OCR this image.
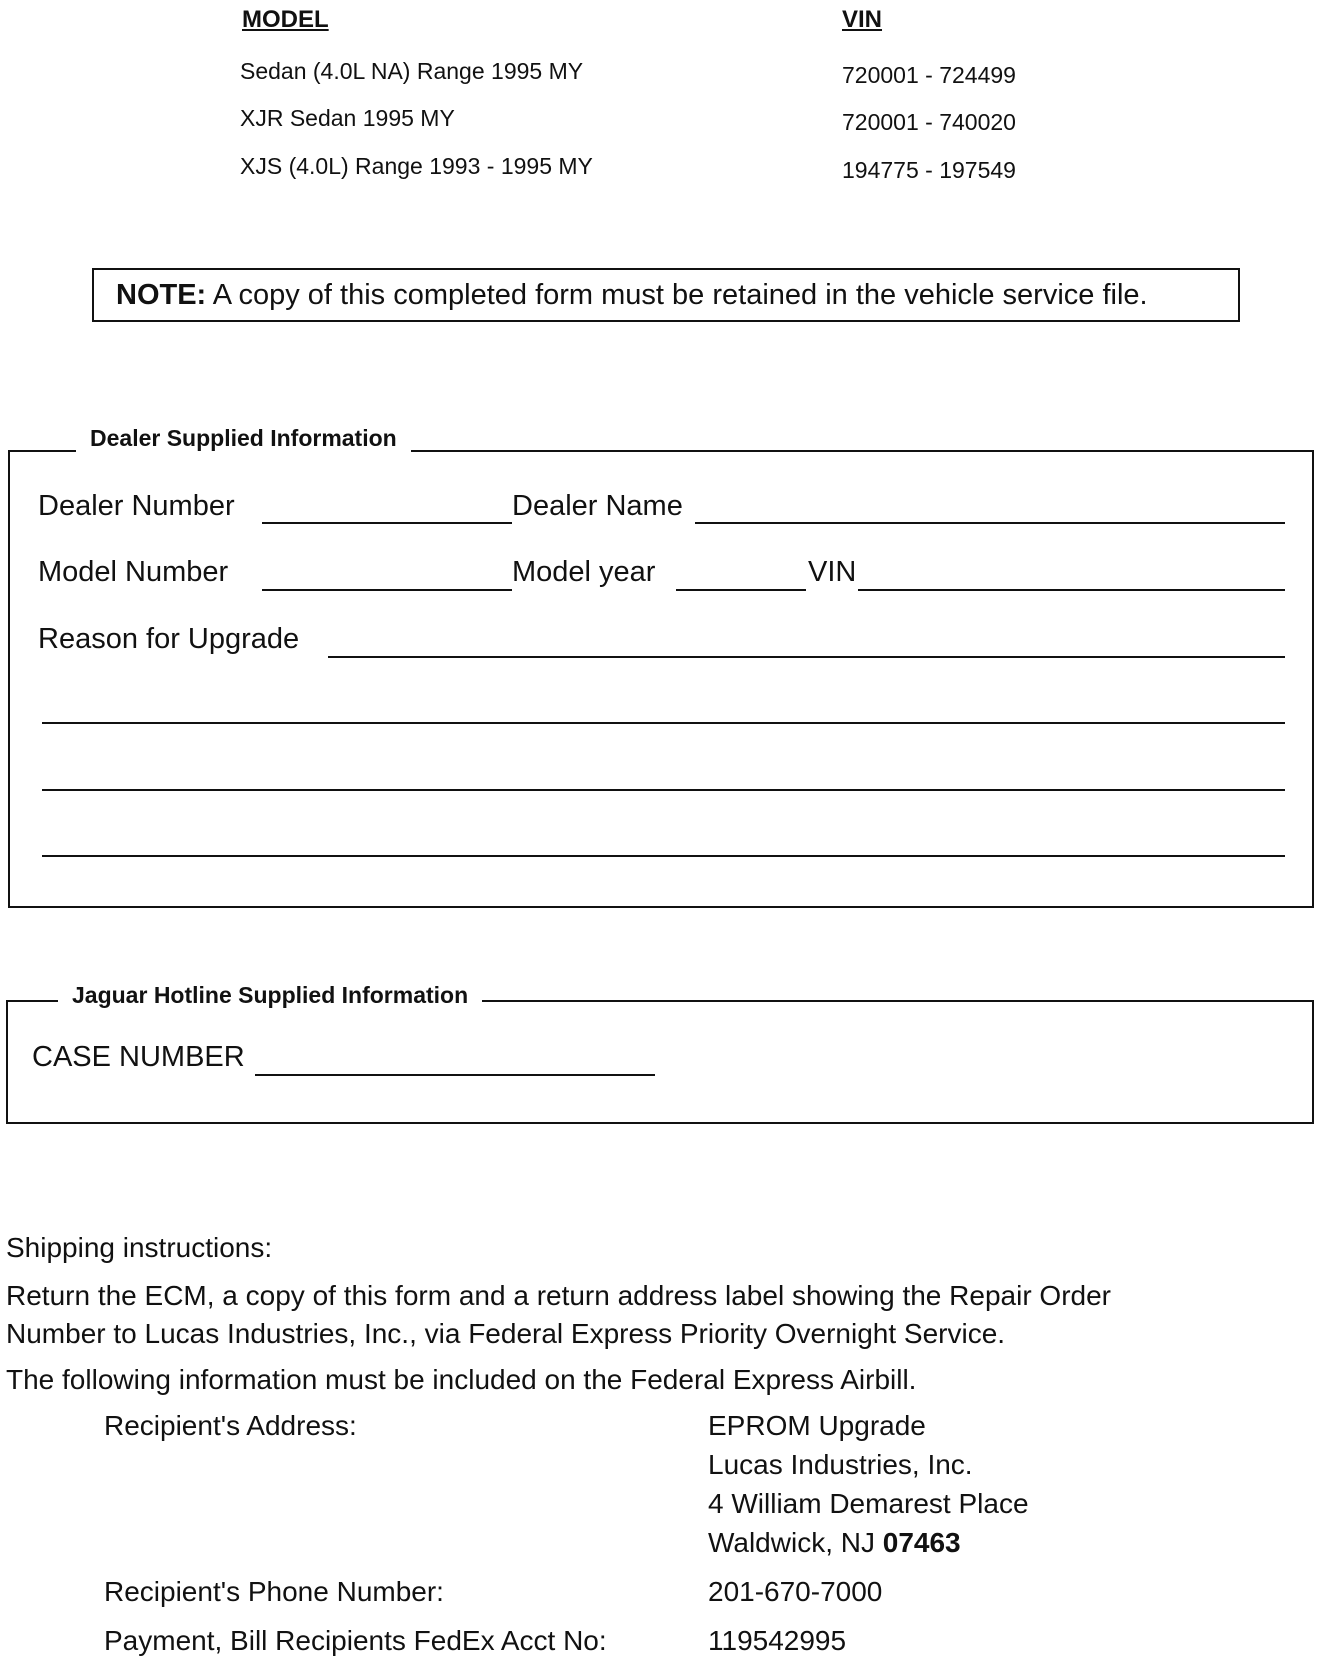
MODEL	VIN
Sedan (4.0L NA) Range 1995 MY	720001 - 724499
XJR Sedan 1995 MY	720001 - 740020
XJS (4.0L) Range 1993 - 1995 MY	194775 - 197549
NOTE: A copy of this completed form must be retained in the vehicle service file.
Dealer Supplied Information
Dealer Number	Dealer Name
Model Number	Model year	VIN
Reason for Upgrade
Jaguar Hotline Supplied Information
CASE NUMBER
Shipping instructions:
Return the ECM, a copy of this form and a return address label showing the Repair Order
Number to Lucas Industries, Inc., via Federal Express Priority Overnight Service.
The following information must be included on the Federal Express Airbill.
Recipient's Address:	EPROM Upgrade
Lucas Industries, Inc.
4 William Demarest Place
Waldwick, NJ 07463
Recipient's Phone Number:	201-670-7000
Payment, Bill Recipients FedEx Acct No:	119542995
